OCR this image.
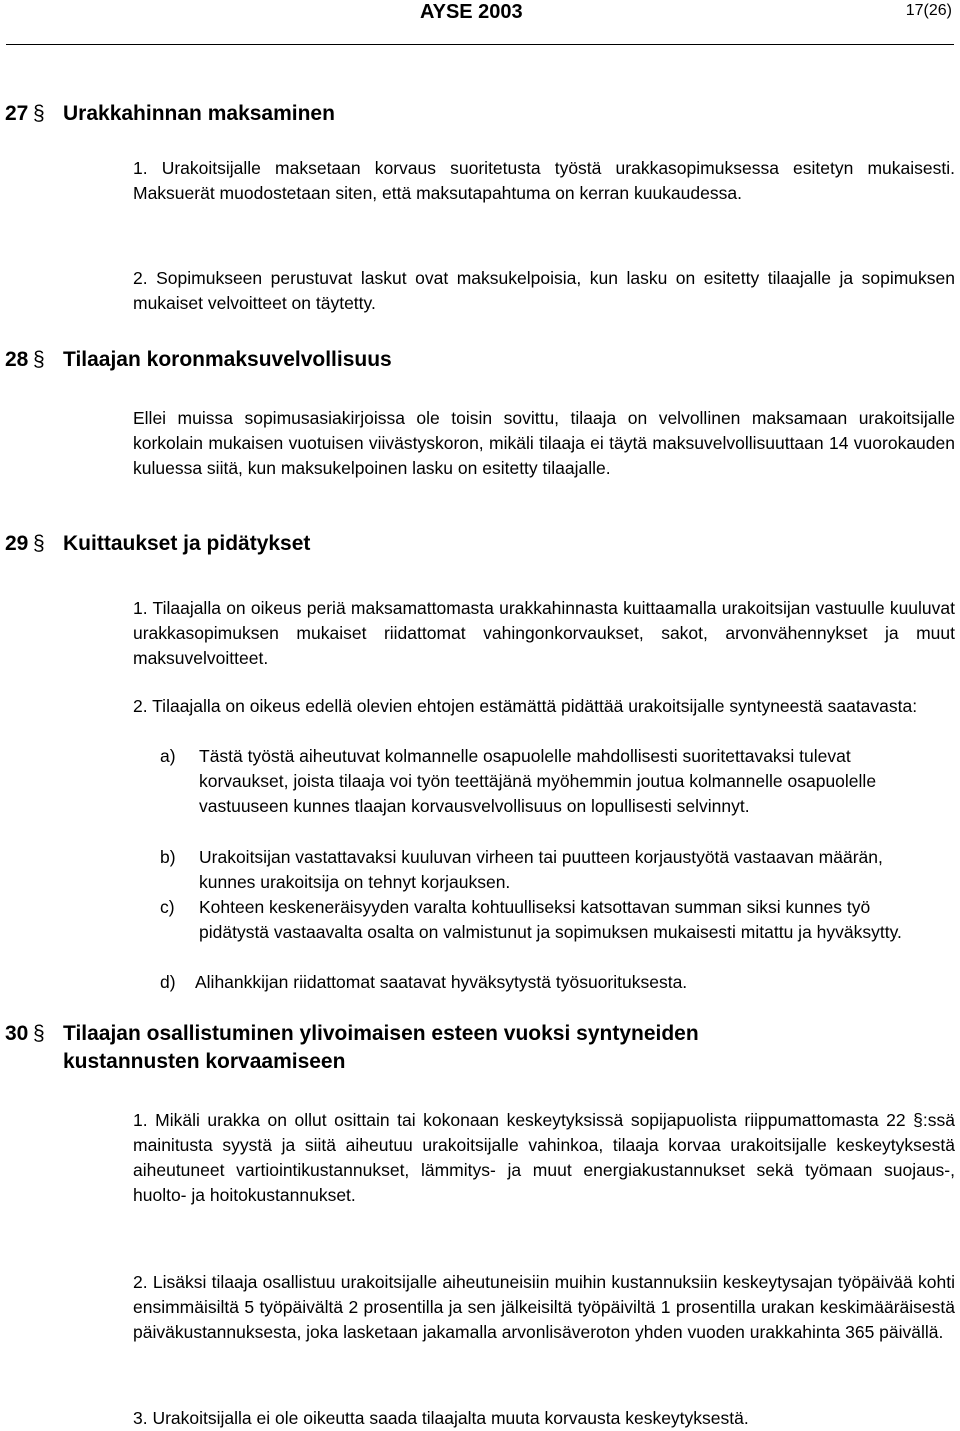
AYSE 2003	17(26)
27 § Urakkahinnan maksaminen
1. Urakoitsijalle maksetaan korvaus suoritetusta työstä urakkasopimuksessa esitetyn mukaisesti. Maksuerät muodostetaan siten, että maksutapahtuma on kerran kuukaudessa.
2. Sopimukseen perustuvat laskut ovat maksukelpoisia, kun lasku on esitetty tilaajalle ja sopimuksen mukaiset velvoitteet on täytetty.
28 § Tilaajan koronmaksuvelvollisuus
Ellei muissa sopimusasiakirjoissa ole toisin sovittu, tilaaja on velvollinen maksamaan urakoitsijalle korkolain mukaisen vuotuisen viivästyskoron, mikäli tilaaja ei täytä maksuvelvollisuuttaan 14 vuorokauden kuluessa siitä, kun maksukelpoinen lasku on esitetty tilaajalle.
29 § Kuittaukset ja pidätykset
1. Tilaajalla on oikeus periä maksamattomasta urakkahinnasta kuittaamalla urakoitsijan vastuulle kuuluvat urakkasopimuksen mukaiset riidattomat vahingonkorvaukset, sakot, arvonvähennykset ja muut maksuvelvoitteet.
2. Tilaajalla on oikeus edellä olevien ehtojen estämättä pidättää urakoitsijalle syntyneestä saatavasta:
a) Tästä työstä aiheutuvat kolmannelle osapuolelle mahdollisesti suoritettavaksi tulevat korvaukset, joista tilaaja voi työn teettäjänä myöhemmin joutua kolmannelle osapuolelle vastuuseen kunnes tlaajan korvausvelvollisuus on lopullisesti selvinnyt.
b) Urakoitsijan vastattavaksi kuuluvan virheen tai puutteen korjaustyötä vastaavan määrän, kunnes urakoitsija on tehnyt korjauksen.
c) Kohteen keskeneräisyyden varalta kohtuulliseksi katsottavan summan siksi kunnes työ pidätystä vastaavalta osalta on valmistunut ja sopimuksen mukaisesti mitattu ja hyväksytty.
d) Alihankkijan riidattomat saatavat hyväksytystä työsuorituksesta.
30 § Tilaajan osallistuminen ylivoimaisen esteen vuoksi syntyneiden
kustannusten korvaamiseen
1. Mikäli urakka on ollut osittain tai kokonaan keskeytyksissä sopijapuolista riippumattomasta 22 §:ssä mainitusta syystä ja siitä aiheutuu urakoitsijalle vahinkoa, tilaaja korvaa urakoitsijalle keskeytyksestä aiheutuneet vartiointikustannukset, lämmitys- ja muut energiakustannukset sekä työmaan suojaus-, huolto- ja hoitokustannukset.
2. Lisäksi tilaaja osallistuu urakoitsijalle aiheutuneisiin muihin kustannuksiin keskeytysajan työpäivää kohti ensimmäisiltä 5 työpäivältä 2 prosentilla ja sen jälkeisiltä työpäiviltä 1 prosentilla urakan keskimääräisestä päiväkustannuksesta, joka lasketaan jakamalla arvonlisäveroton yhden vuoden urakkahinta 365 päivällä.
3. Urakoitsijalla ei ole oikeutta saada tilaajalta muuta korvausta keskeytyksestä.
